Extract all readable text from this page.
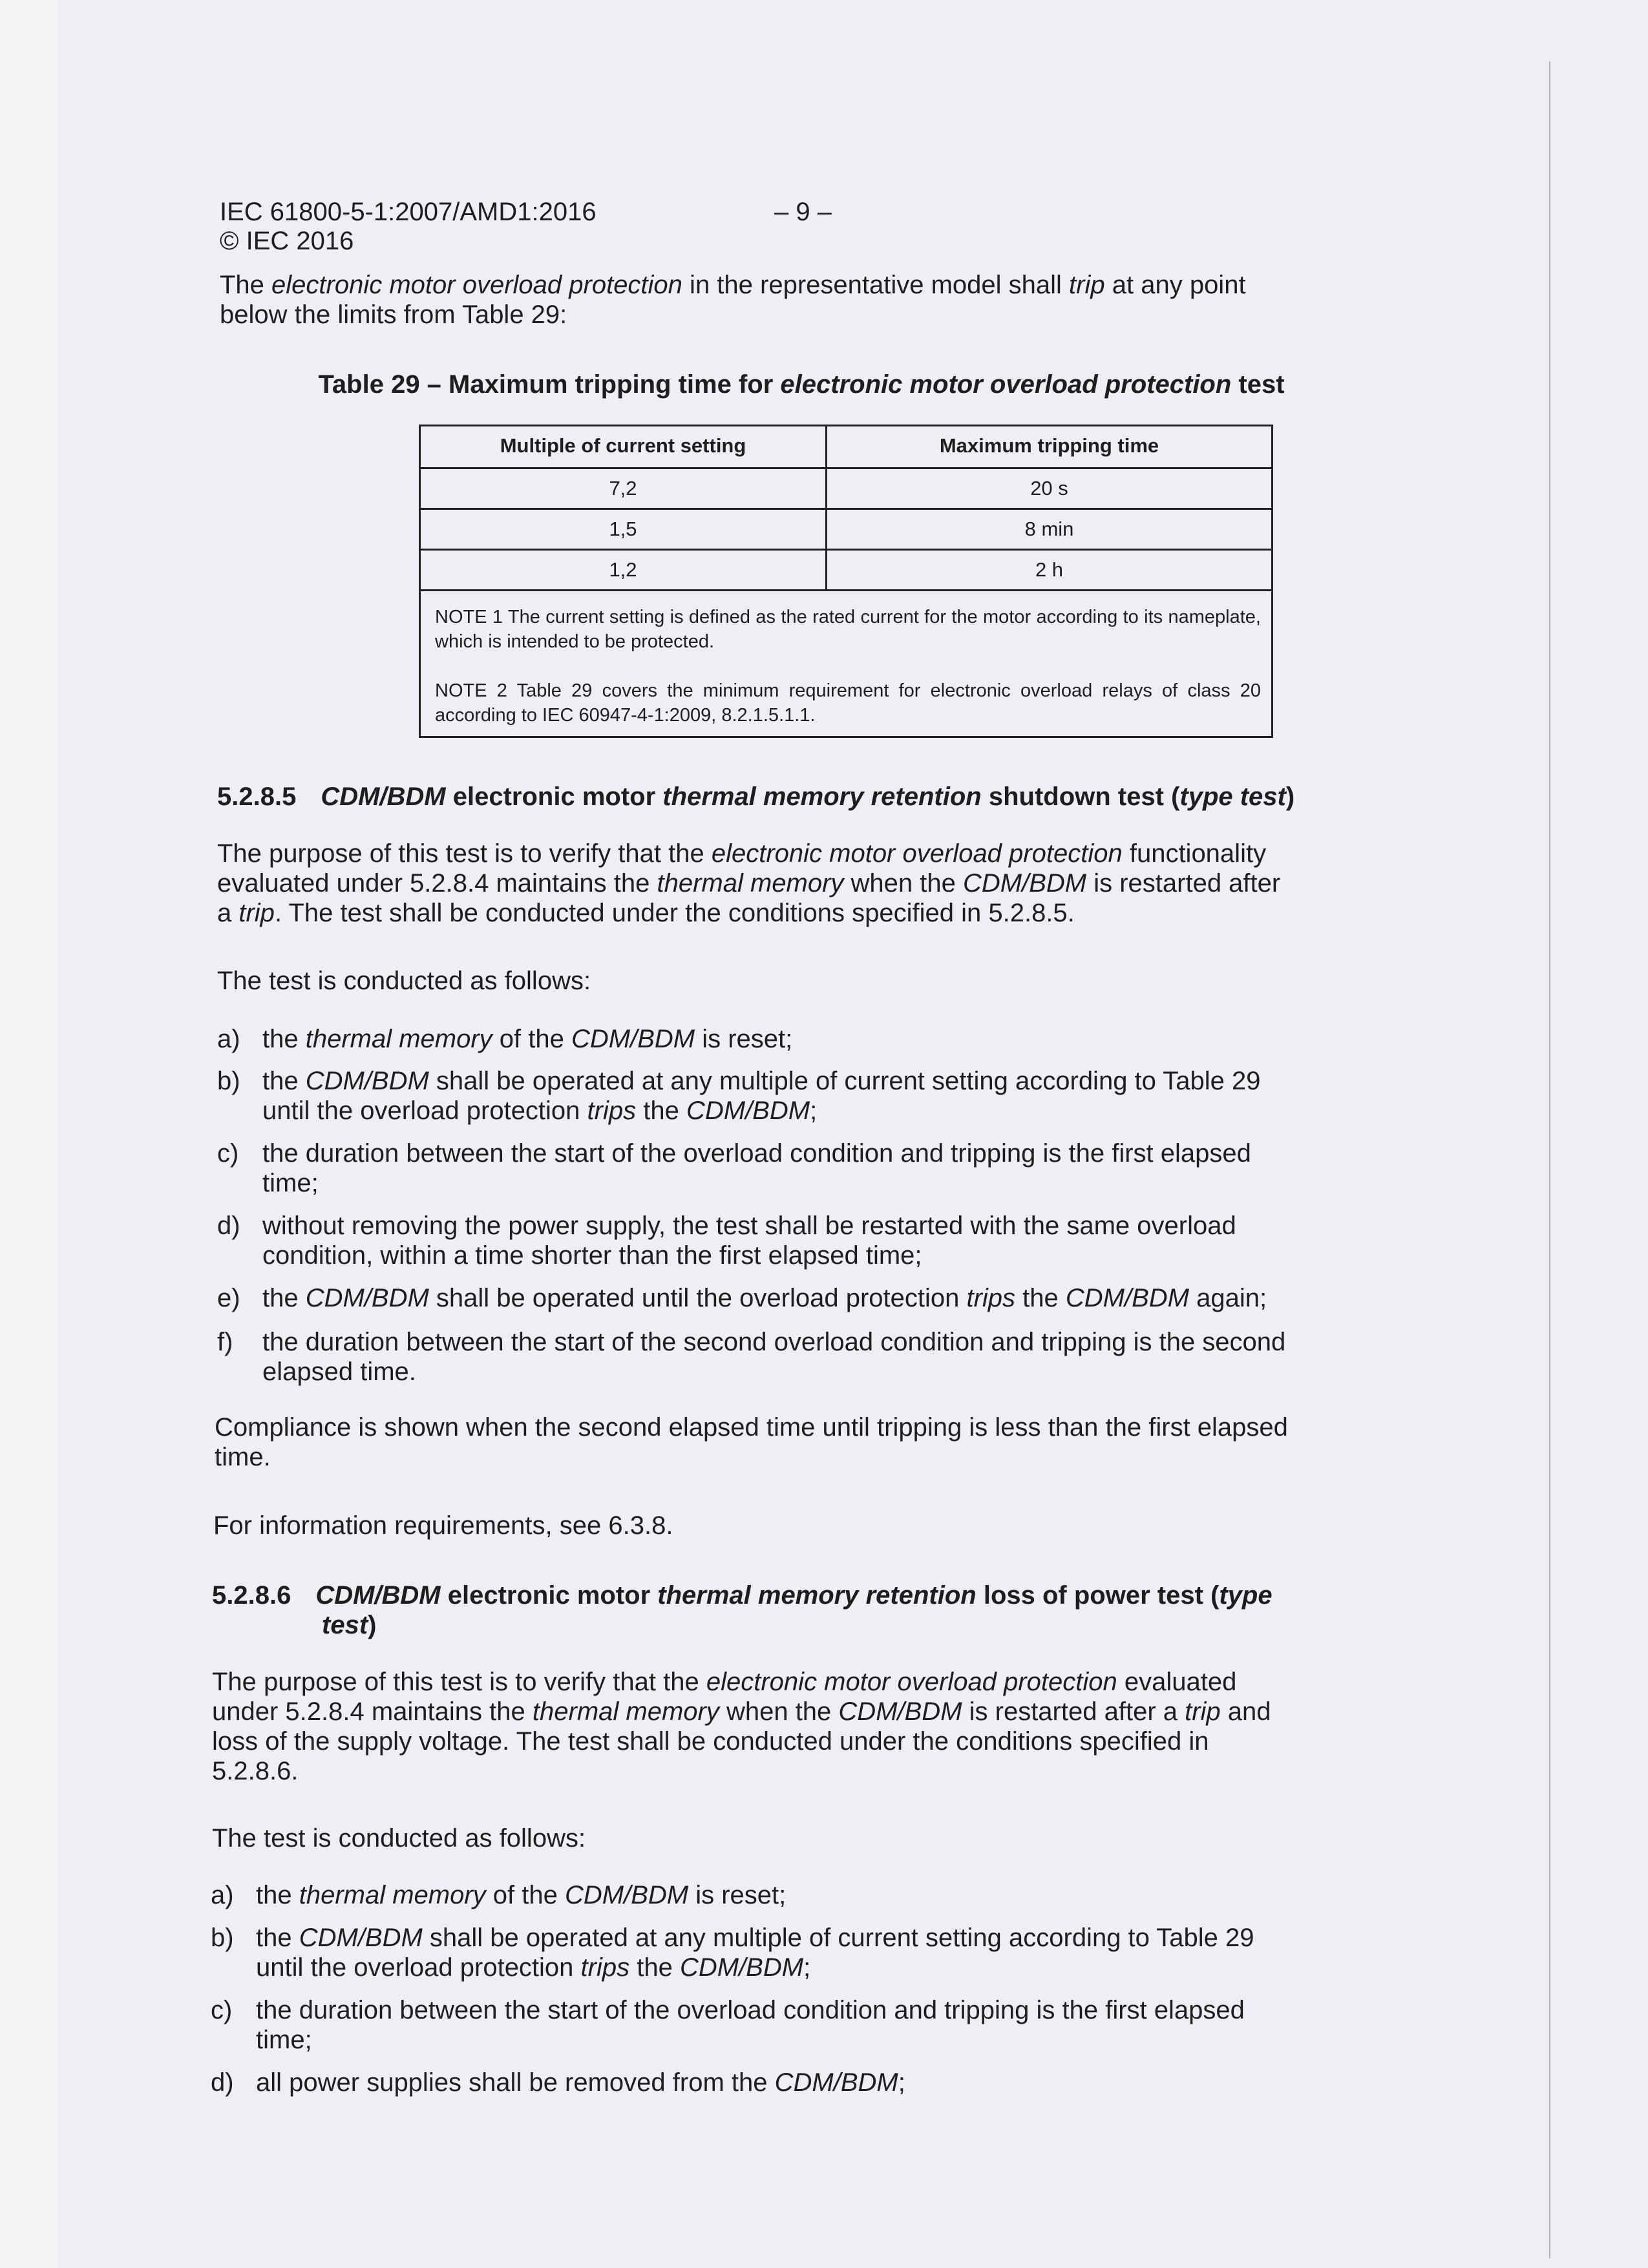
IEC 61800-5-1:2007/AMD1:2016	– 9 –
© IEC 2016
The electronic motor overload protection in the representative model shall trip at any point
below the limits from Table 29:
Table 29 – Maximum tripping time for electronic motor overload protection test
Multiple of current setting	Maximum tripping time
7,2	20 s
1,5	8 min
1,2	2 h
NOTE 1 The current setting is defined as the rated current for the motor according to its nameplate, which is intended to be protected.
NOTE 2 Table 29 covers the minimum requirement for electronic overload relays of class 20 according to IEC 60947-4-1:2009, 8.2.1.5.1.1.
5.2.8.5 CDM/BDM electronic motor thermal memory retention shutdown test (type test)
The purpose of this test is to verify that the electronic motor overload protection functionality
evaluated under 5.2.8.4 maintains the thermal memory when the CDM/BDM is restarted after
a trip. The test shall be conducted under the conditions specified in 5.2.8.5.
The test is conducted as follows:
a) the thermal memory of the CDM/BDM is reset;
b) the CDM/BDM shall be operated at any multiple of current setting according to Table 29
until the overload protection trips the CDM/BDM;
c) the duration between the start of the overload condition and tripping is the first elapsed
time;
d) without removing the power supply, the test shall be restarted with the same overload
condition, within a time shorter than the first elapsed time;
e) the CDM/BDM shall be operated until the overload protection trips the CDM/BDM again;
f) the duration between the start of the second overload condition and tripping is the second
elapsed time.
Compliance is shown when the second elapsed time until tripping is less than the first elapsed
time.
For information requirements, see 6.3.8.
5.2.8.6 CDM/BDM electronic motor thermal memory retention loss of power test (type
test)
The purpose of this test is to verify that the electronic motor overload protection evaluated
under 5.2.8.4 maintains the thermal memory when the CDM/BDM is restarted after a trip and
loss of the supply voltage. The test shall be conducted under the conditions specified in
5.2.8.6.
The test is conducted as follows:
a) the thermal memory of the CDM/BDM is reset;
b) the CDM/BDM shall be operated at any multiple of current setting according to Table 29
until the overload protection trips the CDM/BDM;
c) the duration between the start of the overload condition and tripping is the first elapsed
time;
d) all power supplies shall be removed from the CDM/BDM;
